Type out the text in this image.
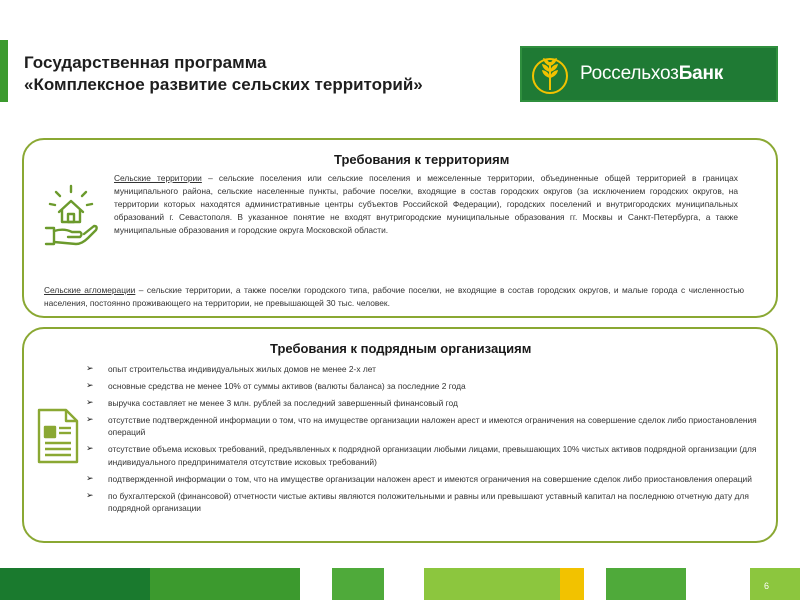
Государственная программа
«Комплексное развитие сельских территорий»
РоссельхозБанк
Требования к территориям
Сельские территории – сельские поселения или сельские поселения и межселенные территории, объединенные общей территорией в границах муниципального района, сельские населенные пункты, рабочие поселки, входящие в состав городских округов (за исключением городских округов, на территории которых находятся административные центры субъектов Российской Федерации), городских поселений и внутригородских муниципальных образований г. Севастополя. В указанное понятие не входят внутригородские муниципальные образования гг. Москвы и Санкт-Петербурга, а также муниципальные образования и городские округа Московской области.
Сельские агломерации – сельские территории, а также поселки городского типа, рабочие поселки, не входящие в состав городских округов, и малые города с численностью населения, постоянно проживающего на территории, не превышающей 30 тыс. человек.
Требования к подрядным организациям
➢ опыт строительства индивидуальных жилых домов не менее 2-х лет
➢ основные средства не менее 10% от суммы активов (валюты баланса) за последние 2 года
➢ выручка составляет не менее 3 млн. рублей за последний завершенный финансовый год
➢ отсутствие подтвержденной информации о том, что на имуществе организации наложен арест и имеются ограничения на совершение сделок либо приостановления операций
➢ отсутствие объема исковых требований, предъявленных к подрядной организации любыми лицами, превышающих 10% чистых активов подрядной организации (для индивидуального предпринимателя отсутствие исковых требований)
➢ подтвержденной информации о том, что на имуществе организации наложен арест и имеются ограничения на совершение сделок либо приостановления операций
➢ по бухгалтерской (финансовой) отчетности чистые активы являются положительными и равны или превышают уставный капитал на последнюю отчетную дату для подрядной организации
6
